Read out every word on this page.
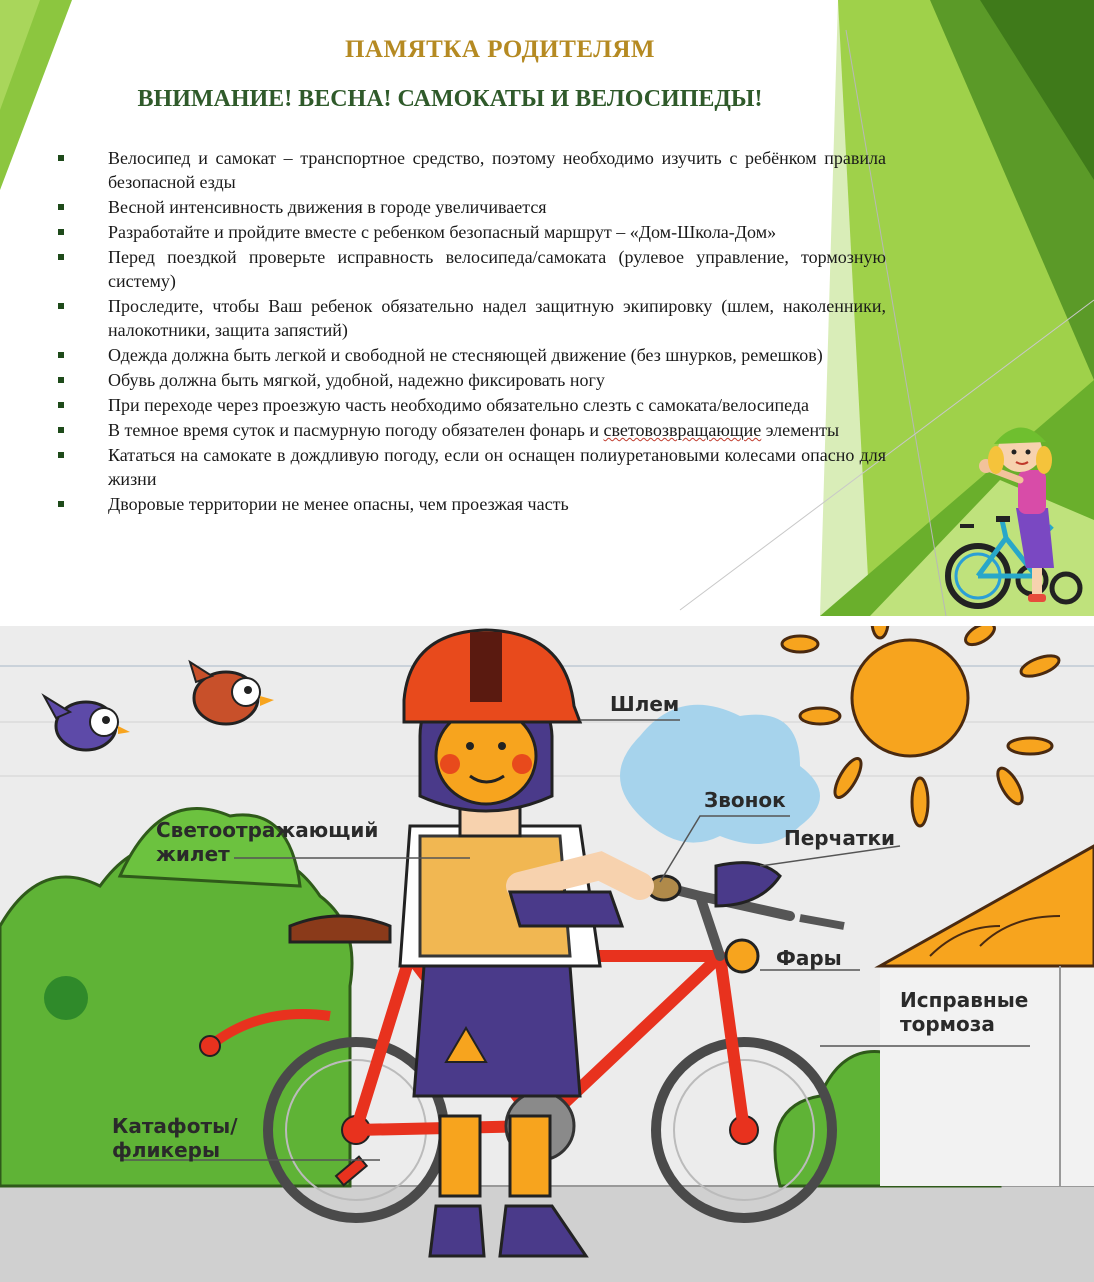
ПАМЯТКА РОДИТЕЛЯМ
ВНИМАНИЕ! ВЕСНА! САМОКАТЫ И ВЕЛОСИПЕДЫ!
Велосипед и самокат – транспортное средство, поэтому необходимо изучить с ребёнком правила безопасной езды
Весной интенсивность движения в городе увеличивается
Разработайте и пройдите вместе с ребенком безопасный маршрут – «Дом-Школа-Дом»
Перед поездкой проверьте исправность велосипеда/самоката (рулевое управление, тормозную систему)
Проследите, чтобы Ваш ребенок обязательно надел защитную экипировку (шлем, наколенники, налокотники, защита запястий)
Одежда должна быть легкой и свободной не стесняющей движение (без шнурков, ремешков)
Обувь должна быть мягкой, удобной, надежно фиксировать ногу
При переходе через проезжую часть необходимо обязательно слезть с самоката/велосипеда
В темное время суток и пасмурную погоду обязателен фонарь и световозвращающие элементы
Кататься на самокате в дождливую погоду, если он оснащен полиуретановыми колесами опасно для жизни
Дворовые территории не менее опасны, чем проезжая часть
Шлем
Звонок
Светоотражающий жилет
Перчатки
Фары
Исправные тормоза
Катафоты/ фликеры
